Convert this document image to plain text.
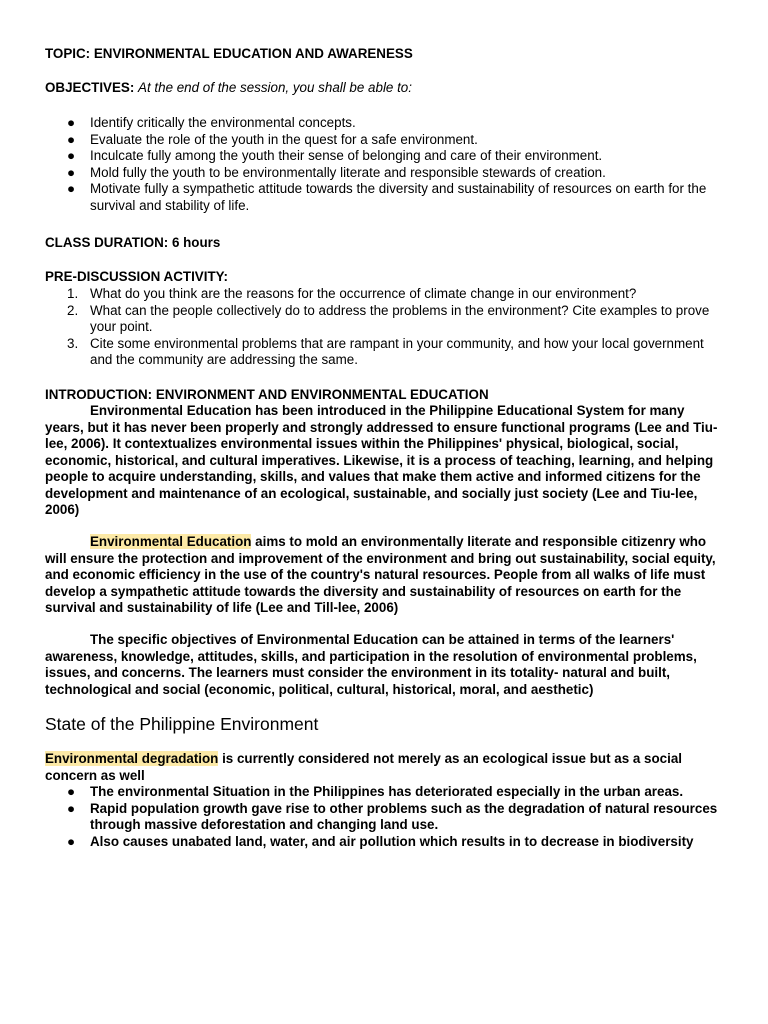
TOPIC: ENVIRONMENTAL EDUCATION AND AWARENESS
OBJECTIVES: At the end of the session, you shall be able to:
● Identify critically the environmental concepts.
● Evaluate the role of the youth in the quest for a safe environment.
● Inculcate fully among the youth their sense of belonging and care of their environment.
● Mold fully the youth to be environmentally literate and responsible stewards of creation.
● Motivate fully a sympathetic attitude towards the diversity and sustainability of resources on earth for the survival and stability of life.
CLASS DURATION: 6 hours
PRE-DISCUSSION ACTIVITY:
1. What do you think are the reasons for the occurrence of climate change in our environment?
2. What can the people collectively do to address the problems in the environment? Cite examples to prove your point.
3. Cite some environmental problems that are rampant in your community, and how your local government and the community are addressing the same.
INTRODUCTION: ENVIRONMENT AND ENVIRONMENTAL EDUCATION

Environmental Education has been introduced in the Philippine Educational System for many years, but it has never been properly and strongly addressed to ensure functional programs (Lee and Tiu-lee, 2006). It contextualizes environmental issues within the Philippines' physical, biological, social, economic, historical, and cultural imperatives. Likewise, it is a process of teaching, learning, and helping people to acquire understanding, skills, and values that make them active and informed citizens for the development and maintenance of an ecological, sustainable, and socially just society (Lee and Tiu-lee, 2006)

Environmental Education aims to mold an environmentally literate and responsible citizenry who will ensure the protection and improvement of the environment and bring out sustainability, social equity, and economic efficiency in the use of the country's natural resources. People from all walks of life must develop a sympathetic attitude towards the diversity and sustainability of resources on earth for the survival and sustainability of life (Lee and Till-lee, 2006)

The specific objectives of Environmental Education can be attained in terms of the learners' awareness, knowledge, attitudes, skills, and participation in the resolution of environmental problems, issues, and concerns. The learners must consider the environment in its totality- natural and built, technological and social (economic, political, cultural, historical, moral, and aesthetic)

State of the Philippine Environment
Environmental degradation is currently considered not merely as an ecological issue but as a social concern as well
● The environmental Situation in the Philippines has deteriorated especially in the urban areas.
● Rapid population growth gave rise to other problems such as the degradation of natural resources through massive deforestation and changing land use.
● Also causes unabated land, water, and air pollution which results in to decrease in biodiversity
